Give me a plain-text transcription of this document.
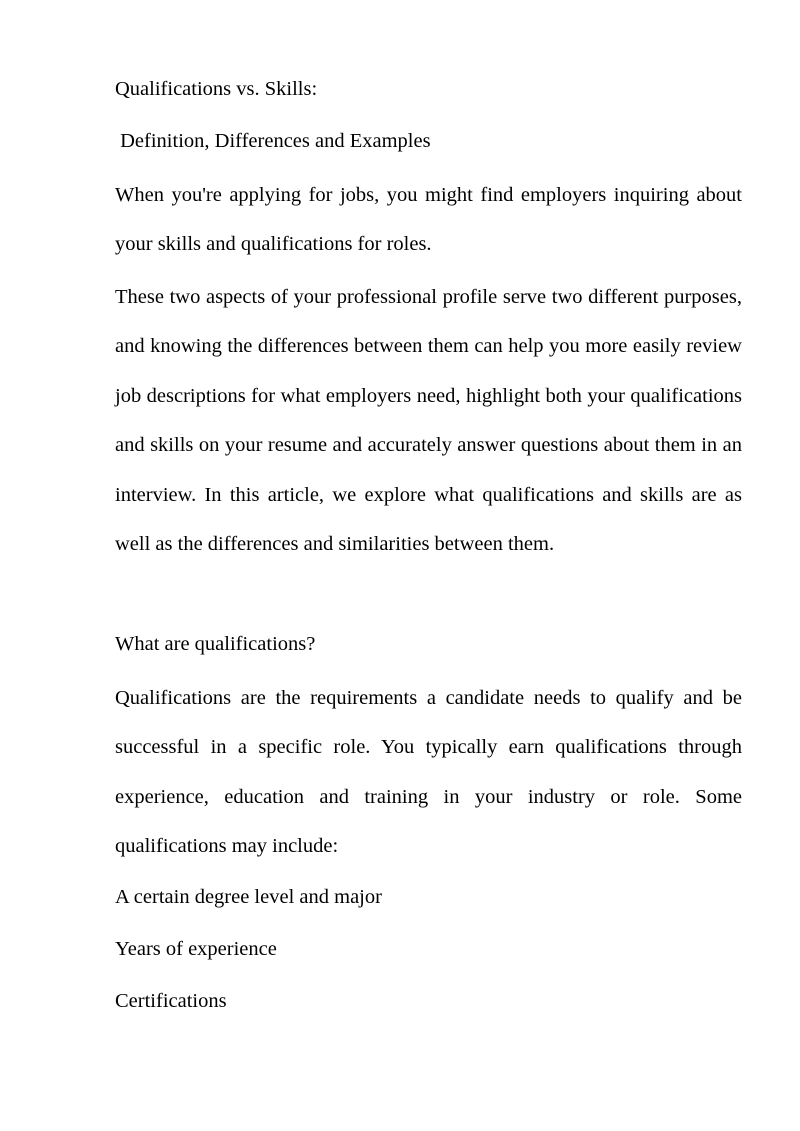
Qualifications vs. Skills:

Definition, Differences and Examples

When you're applying for jobs, you might find employers inquiring about your skills and qualifications for roles.

These two aspects of your professional profile serve two different purposes, and knowing the differences between them can help you more easily review job descriptions for what employers need, highlight both your qualifications and skills on your resume and accurately answer questions about them in an interview. In this article, we explore what qualifications and skills are as well as the differences and similarities between them.

What are qualifications?

Qualifications are the requirements a candidate needs to qualify and be successful in a specific role. You typically earn qualifications through experience, education and training in your industry or role. Some qualifications may include:

A certain degree level and major

Years of experience

Certifications
